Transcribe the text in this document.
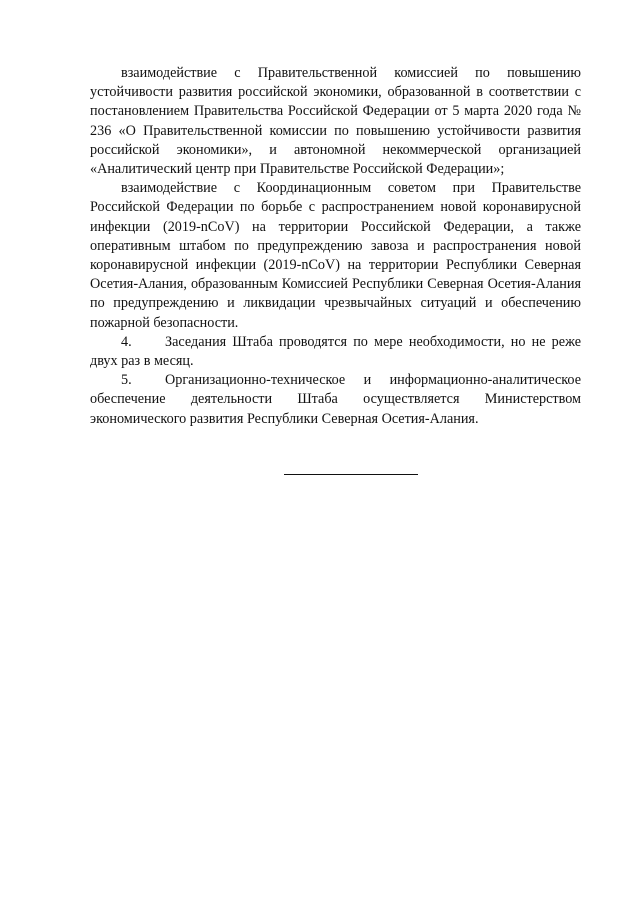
взаимодействие с Правительственной комиссией по повышению устойчивости развития российской экономики, образованной в соответствии с постановлением Правительства Российской Федерации от 5 марта 2020 года № 236 «О Правительственной комиссии по повышению устойчивости развития российской экономики», и автономной некоммерческой организацией «Аналитический центр при Правительстве Российской Федерации»;

взаимодействие с Координационным советом при Правительстве Российской Федерации по борьбе с распространением новой коронавирусной инфекции (2019-nCoV) на территории Российской Федерации, а также оперативным штабом по предупреждению завоза и распространения новой коронавирусной инфекции (2019-nCoV) на территории Республики Северная Осетия-Алания, образованным Комиссией Республики Северная Осетия-Алания по предупреждению и ликвидации чрезвычайных ситуаций и обеспечению пожарной безопасности.

4. Заседания Штаба проводятся по мере необходимости, но не реже двух раз в месяц.

5. Организационно-техническое и информационно-аналитическое обеспечение деятельности Штаба осуществляется Министерством экономического развития Республики Северная Осетия-Алания.
